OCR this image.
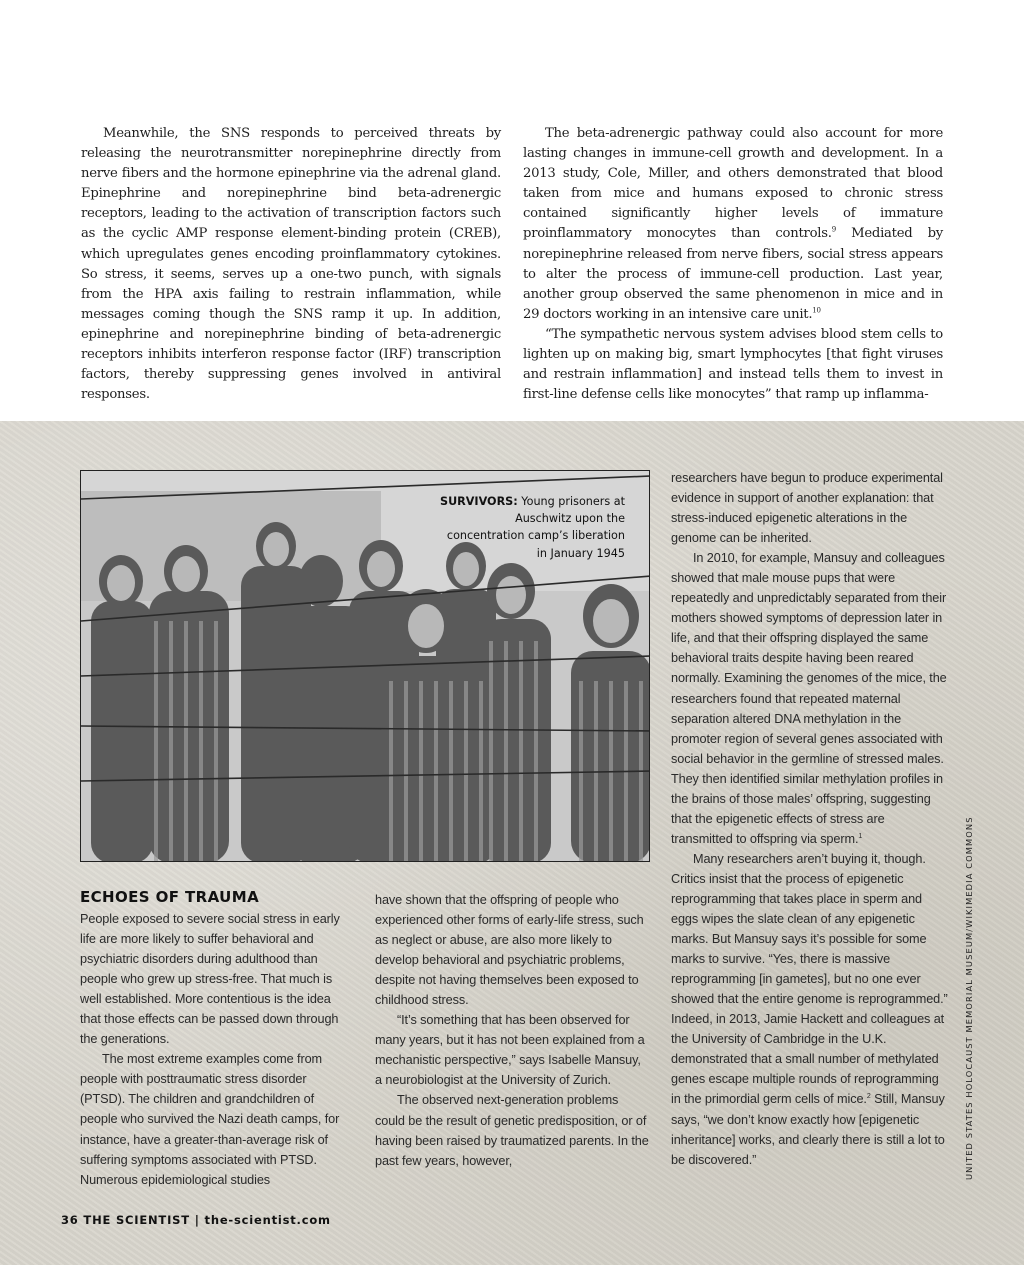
Meanwhile, the SNS responds to perceived threats by releasing the neurotransmitter norepinephrine directly from nerve fibers and the hormone epinephrine via the adrenal gland. Epinephrine and norepinephrine bind beta-adrenergic receptors, leading to the activation of transcription factors such as the cyclic AMP response element-binding protein (CREB), which upregulates genes encoding proinflammatory cytokines. So stress, it seems, serves up a one-two punch, with signals from the HPA axis failing to restrain inflammation, while messages coming though the SNS ramp it up. In addition, epinephrine and norepinephrine binding of beta-adrenergic receptors inhibits interferon response factor (IRF) transcription factors, thereby suppressing genes involved in antiviral responses.

The beta-adrenergic pathway could also account for more lasting changes in immune-cell growth and development. In a 2013 study, Cole, Miller, and others demonstrated that blood taken from mice and humans exposed to chronic stress contained significantly higher levels of immature proinflammatory monocytes than controls.$^9$ Mediated by norepinephrine released from nerve fibers, social stress appears to alter the process of immune-cell production. Last year, another group observed the same phenomenon in mice and in 29 doctors working in an intensive care unit.$^{10}$

“The sympathetic nervous system advises blood stem cells to lighten up on making big, smart lymphocytes [that fight viruses and restrain inflammation] and instead tells them to invest in first-line defense cells like monocytes” that ramp up inflamma-

SURVIVORS: Young prisoners at Auschwitz upon the concentration camp’s liberation in January 1945
ECHOES OF TRAUMA

People exposed to severe social stress in early life are more likely to suffer behavioral and psychiatric disorders during adulthood than people who grew up stress-free. That much is well established. More contentious is the idea that those effects can be passed down through the generations.

The most extreme examples come from people with posttraumatic stress disorder (PTSD). The children and grandchildren of people who survived the Nazi death camps, for instance, have a greater-than-average risk of suffering symptoms associated with PTSD. Numerous epidemiological studies

have shown that the offspring of people who experienced other forms of early-life stress, such as neglect or abuse, are also more likely to develop behavioral and psychiatric problems, despite not having themselves been exposed to childhood stress.

“It’s something that has been observed for many years, but it has not been explained from a mechanistic perspective,” says Isabelle Mansuy, a neurobiologist at the University of Zurich.

The observed next-generation problems could be the result of genetic predisposition, or of having been raised by traumatized parents. In the past few years, however,

researchers have begun to produce experimental evidence in support of another explanation: that stress-induced epigenetic alterations in the genome can be inherited.

In 2010, for example, Mansuy and colleagues showed that male mouse pups that were repeatedly and unpredictably separated from their mothers showed symptoms of depression later in life, and that their offspring displayed the same behavioral traits despite having been reared normally. Examining the genomes of the mice, the researchers found that repeated maternal separation altered DNA methylation in the promoter region of several genes associated with social behavior in the germline of stressed males. They then identified similar methylation profiles in the brains of those males’ offspring, suggesting that the epigenetic effects of stress are transmitted to offspring via sperm.$^1$

Many researchers aren’t buying it, though. Critics insist that the process of epigenetic reprogramming that takes place in sperm and eggs wipes the slate clean of any epigenetic marks. But Mansuy says it’s possible for some marks to survive. “Yes, there is massive reprogramming [in gametes], but no one ever showed that the entire genome is reprogrammed.” Indeed, in 2013, Jamie Hackett and colleagues at the University of Cambridge in the U.K. demonstrated that a small number of methylated genes escape multiple rounds of reprogramming in the primordial germ cells of mice.$^2$ Still, Mansuy says, “we don’t know exactly how [epigenetic inheritance] works, and clearly there is still a lot to be discovered.”	UNITED STATES HOLOCAUST MEMORIAL MUSEUM/WIKIMEDIA COMMONS
36 THE SCIENTIST | the-scientist.com
